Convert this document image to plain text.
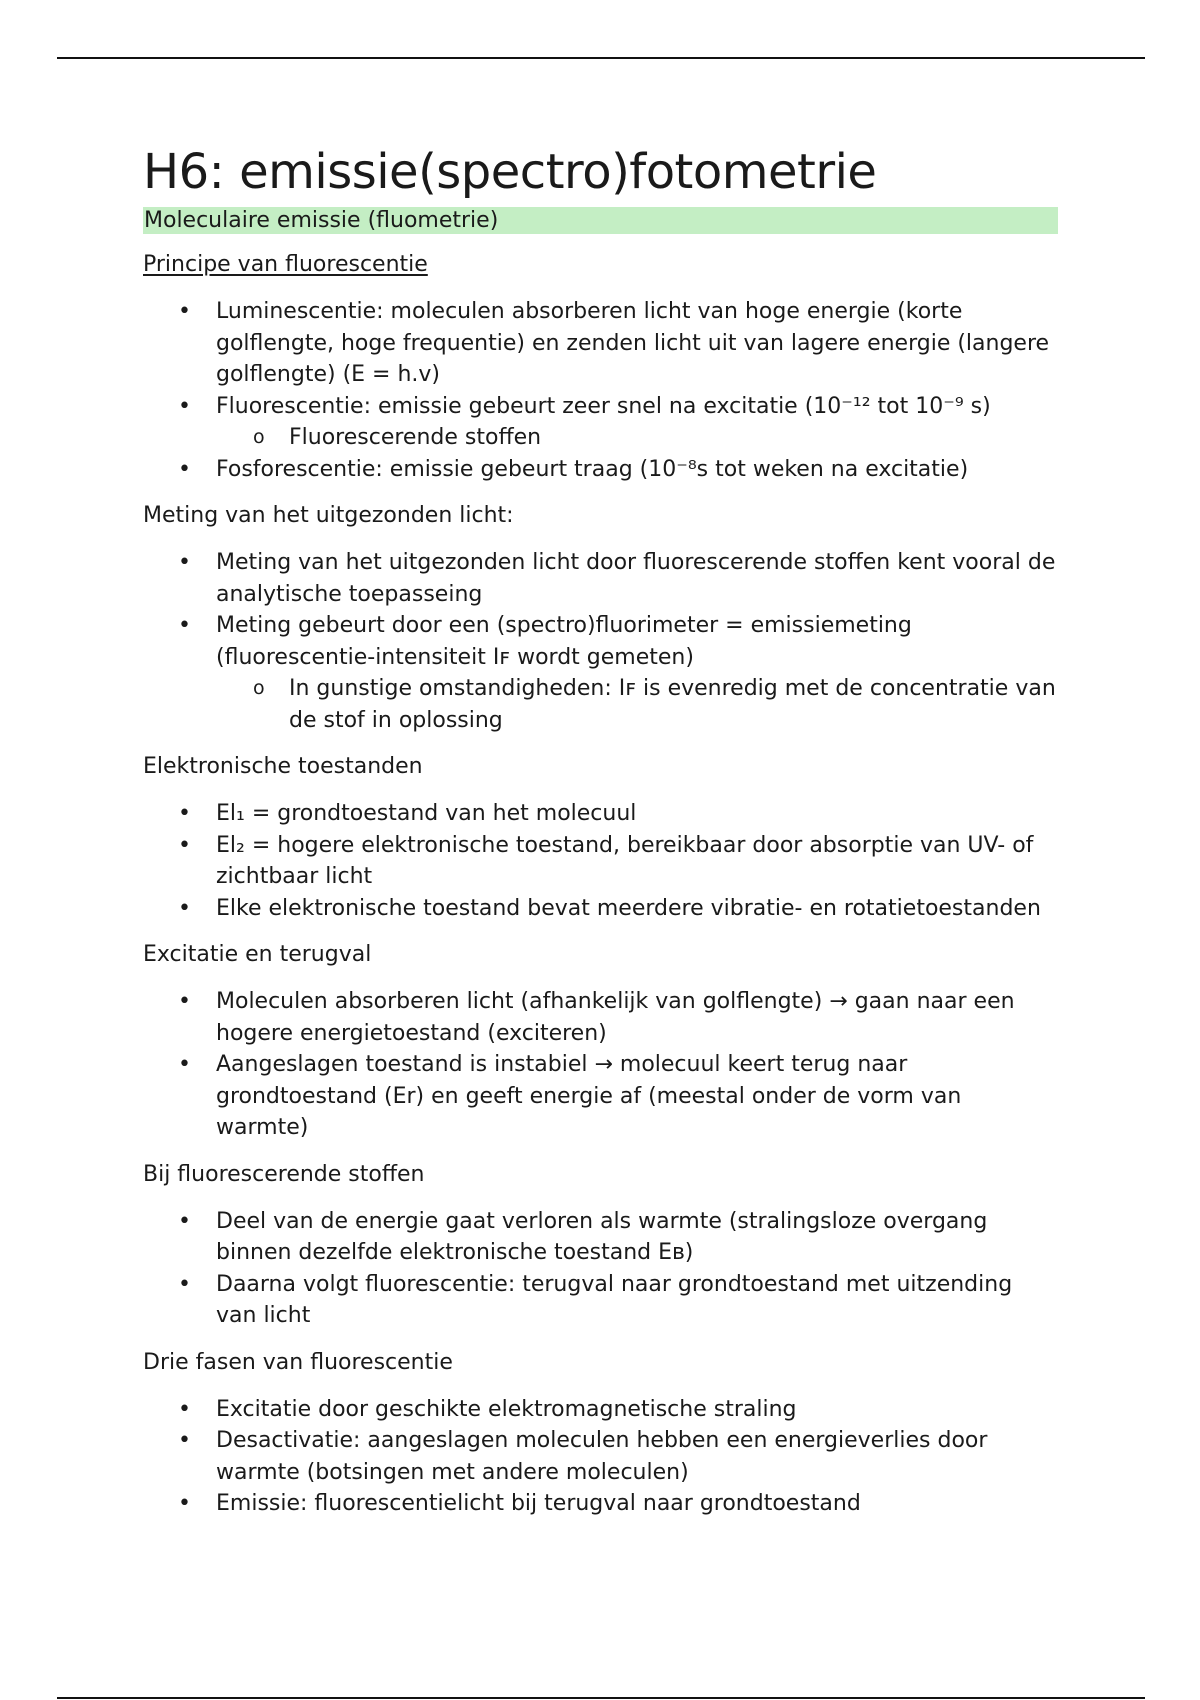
H6: emissie(spectro)fotometrie
Moleculaire emissie (fluometrie)
Principe van fluorescentie
• Luminescentie: moleculen absorberen licht van hoge energie (korte golflengte, hoge frequentie) en zenden licht uit van lagere energie (langere golflengte) (E = h.v)
• Fluorescentie: emissie gebeurt zeer snel na excitatie (10⁻¹² tot 10⁻⁹ s)
o Fluorescerende stoffen
• Fosforescentie: emissie gebeurt traag (10⁻⁸s tot weken na excitatie)
Meting van het uitgezonden licht:
• Meting van het uitgezonden licht door fluorescerende stoffen kent vooral de analytische toepasseing
• Meting gebeurt door een (spectro)fluorimeter = emissiemeting (fluorescentie-intensiteit Iꜰ wordt gemeten)
o In gunstige omstandigheden: Iꜰ is evenredig met de concentratie van de stof in oplossing
Elektronische toestanden
• El₁ = grondtoestand van het molecuul
• El₂ = hogere elektronische toestand, bereikbaar door absorptie van UV- of zichtbaar licht
• Elke elektronische toestand bevat meerdere vibratie- en rotatietoestanden
Excitatie en terugval
• Moleculen absorberen licht (afhankelijk van golflengte) → gaan naar een hogere energietoestand (exciteren)
• Aangeslagen toestand is instabiel → molecuul keert terug naar grondtoestand (Er) en geeft energie af (meestal onder de vorm van warmte)
Bij fluorescerende stoffen
• Deel van de energie gaat verloren als warmte (stralingsloze overgang binnen dezelfde elektronische toestand Eʙ)
• Daarna volgt fluorescentie: terugval naar grondtoestand met uitzending van licht
Drie fasen van fluorescentie
• Excitatie door geschikte elektromagnetische straling
• Desactivatie: aangeslagen moleculen hebben een energieverlies door warmte (botsingen met andere moleculen)
• Emissie: fluorescentielicht bij terugval naar grondtoestand
